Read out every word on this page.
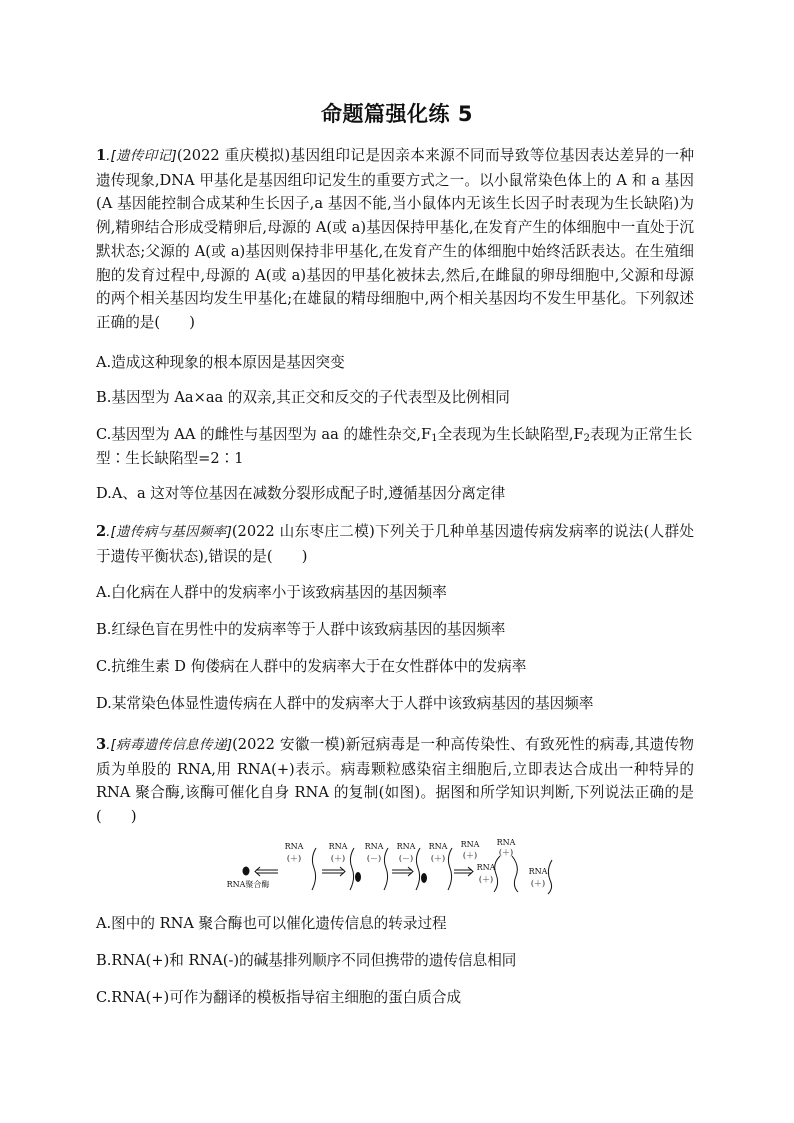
命题篇强化练 5
1.[遗传印记](2022 重庆模拟)基因组印记是因亲本来源不同而导致等位基因表达差异的一种遗传现象,DNA 甲基化是基因组印记发生的重要方式之一。以小鼠常染色体上的 A 和 a 基因(A 基因能控制合成某种生长因子,a 基因不能,当小鼠体内无该生长因子时表现为生长缺陷)为例,精卵结合形成受精卵后,母源的 A(或 a)基因保持甲基化,在发育产生的体细胞中一直处于沉默状态;父源的 A(或 a)基因则保持非甲基化,在发育产生的体细胞中始终活跃表达。在生殖细胞的发育过程中,母源的 A(或 a)基因的甲基化被抹去,然后,在雌鼠的卵母细胞中,父源和母源的两个相关基因均发生甲基化;在雄鼠的精母细胞中,两个相关基因均不发生甲基化。下列叙述正确的是(　　)
A.造成这种现象的根本原因是基因突变
B.基因型为 Aa×aa 的双亲,其正交和反交的子代表型及比例相同
C.基因型为 AA 的雌性与基因型为 aa 的雄性杂交$,F_1$全表现为生长缺陷型$,F_2$表现为正常生长型∶生长缺陷型=2∶1
D.A、a 这对等位基因在减数分裂形成配子时,遵循基因分离定律
2.[遗传病与基因频率](2022 山东枣庄二模)下列关于几种单基因遗传病发病率的说法(人群处于遗传平衡状态),错误的是(　　)
A.白化病在人群中的发病率小于该致病基因的基因频率
B.红绿色盲在男性中的发病率等于人群中该致病基因的基因频率
C.抗维生素 D 佝偻病在人群中的发病率大于在女性群体中的发病率
D.某常染色体显性遗传病在人群中的发病率大于人群中该致病基因的基因频率
3.[病毒遗传信息传递](2022 安徽一模)新冠病毒是一种高传染性、有致死性的病毒,其遗传物质为单股的 RNA,用 RNA(+)表示。病毒颗粒感染宿主细胞后,立即表达合成出一种特异的 RNA 聚合酶,该酶可催化自身 RNA 的复制(如图)。据图和所学知识判断,下列说法正确的是(　　)
RNA聚合酶
RNA
(＋)
RNA
(＋)
RNA
(－)
RNA
(－)
RNA
(＋)
RNA
(＋)
RNA
(＋)
RNA
(＋)
RNA
(＋)
A.图中的 RNA 聚合酶也可以催化遗传信息的转录过程
B.RNA(+)和 RNA(-)的碱基排列顺序不同但携带的遗传信息相同
C.RNA(+)可作为翻译的模板指导宿主细胞的蛋白质合成
